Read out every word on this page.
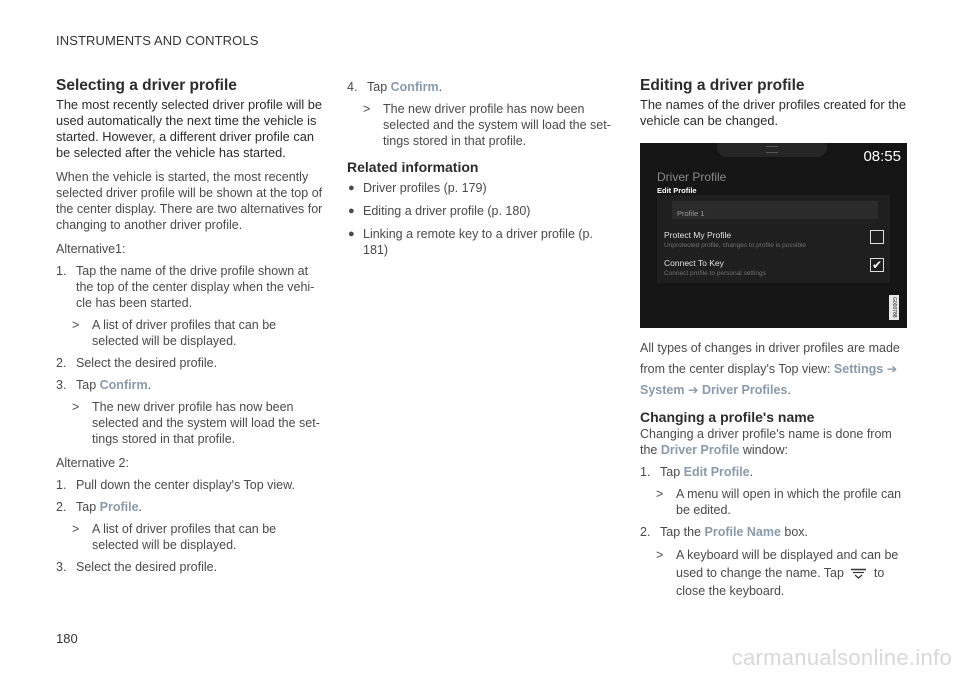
INSTRUMENTS AND CONTROLS
Selecting a driver profile

The most recently selected driver profile will be used automatically the next time the vehicle is started. However, a different driver profile can be selected after the vehicle has started.

When the vehicle is started, the most recently selected driver profile will be shown at the top of the center display. There are two alternatives for changing to another driver profile.

Alternative1:

1. Tap the name of the drive profile shown at the top of the center display when the vehi-cle has been started.
> A list of driver profiles that can be selected will be displayed.
2. Select the desired profile.
3. Tap Confirm.
> The new driver profile has now been selected and the system will load the set-tings stored in that profile.

Alternative 2:

1. Pull down the center display's Top view.
2. Tap Profile.
> A list of driver profiles that can be selected will be displayed.
3. Select the desired profile.
4. Tap Confirm.
> The new driver profile has now been selected and the system will load the set-tings stored in that profile.
Related information
● Driver profiles (p. 179)
● Editing a driver profile (p. 180)
● Linking a remote key to a driver profile (p. 181)
Editing a driver profile

The names of the driver profiles created for the vehicle can be changed.

08:55
Driver Profile
Edit Profile
Profile 1
Protect My Profile
Unprotected profile, changes to profile is possible
Connect To Key
Connect profile to personal settings
✔
G000788

All types of changes in driver profiles are made from the center display's Top view: Settings ➔ System ➔ Driver Profiles.

Changing a profile's name

Changing a driver profile's name is done from the Driver Profile window:

1. Tap Edit Profile.
> A menu will open in which the profile can be edited.
2. Tap the Profile Name box.
> A keyboard will be displayed and can be used to change the name. Tap to close the keyboard.
180
carmanualsonline.info
